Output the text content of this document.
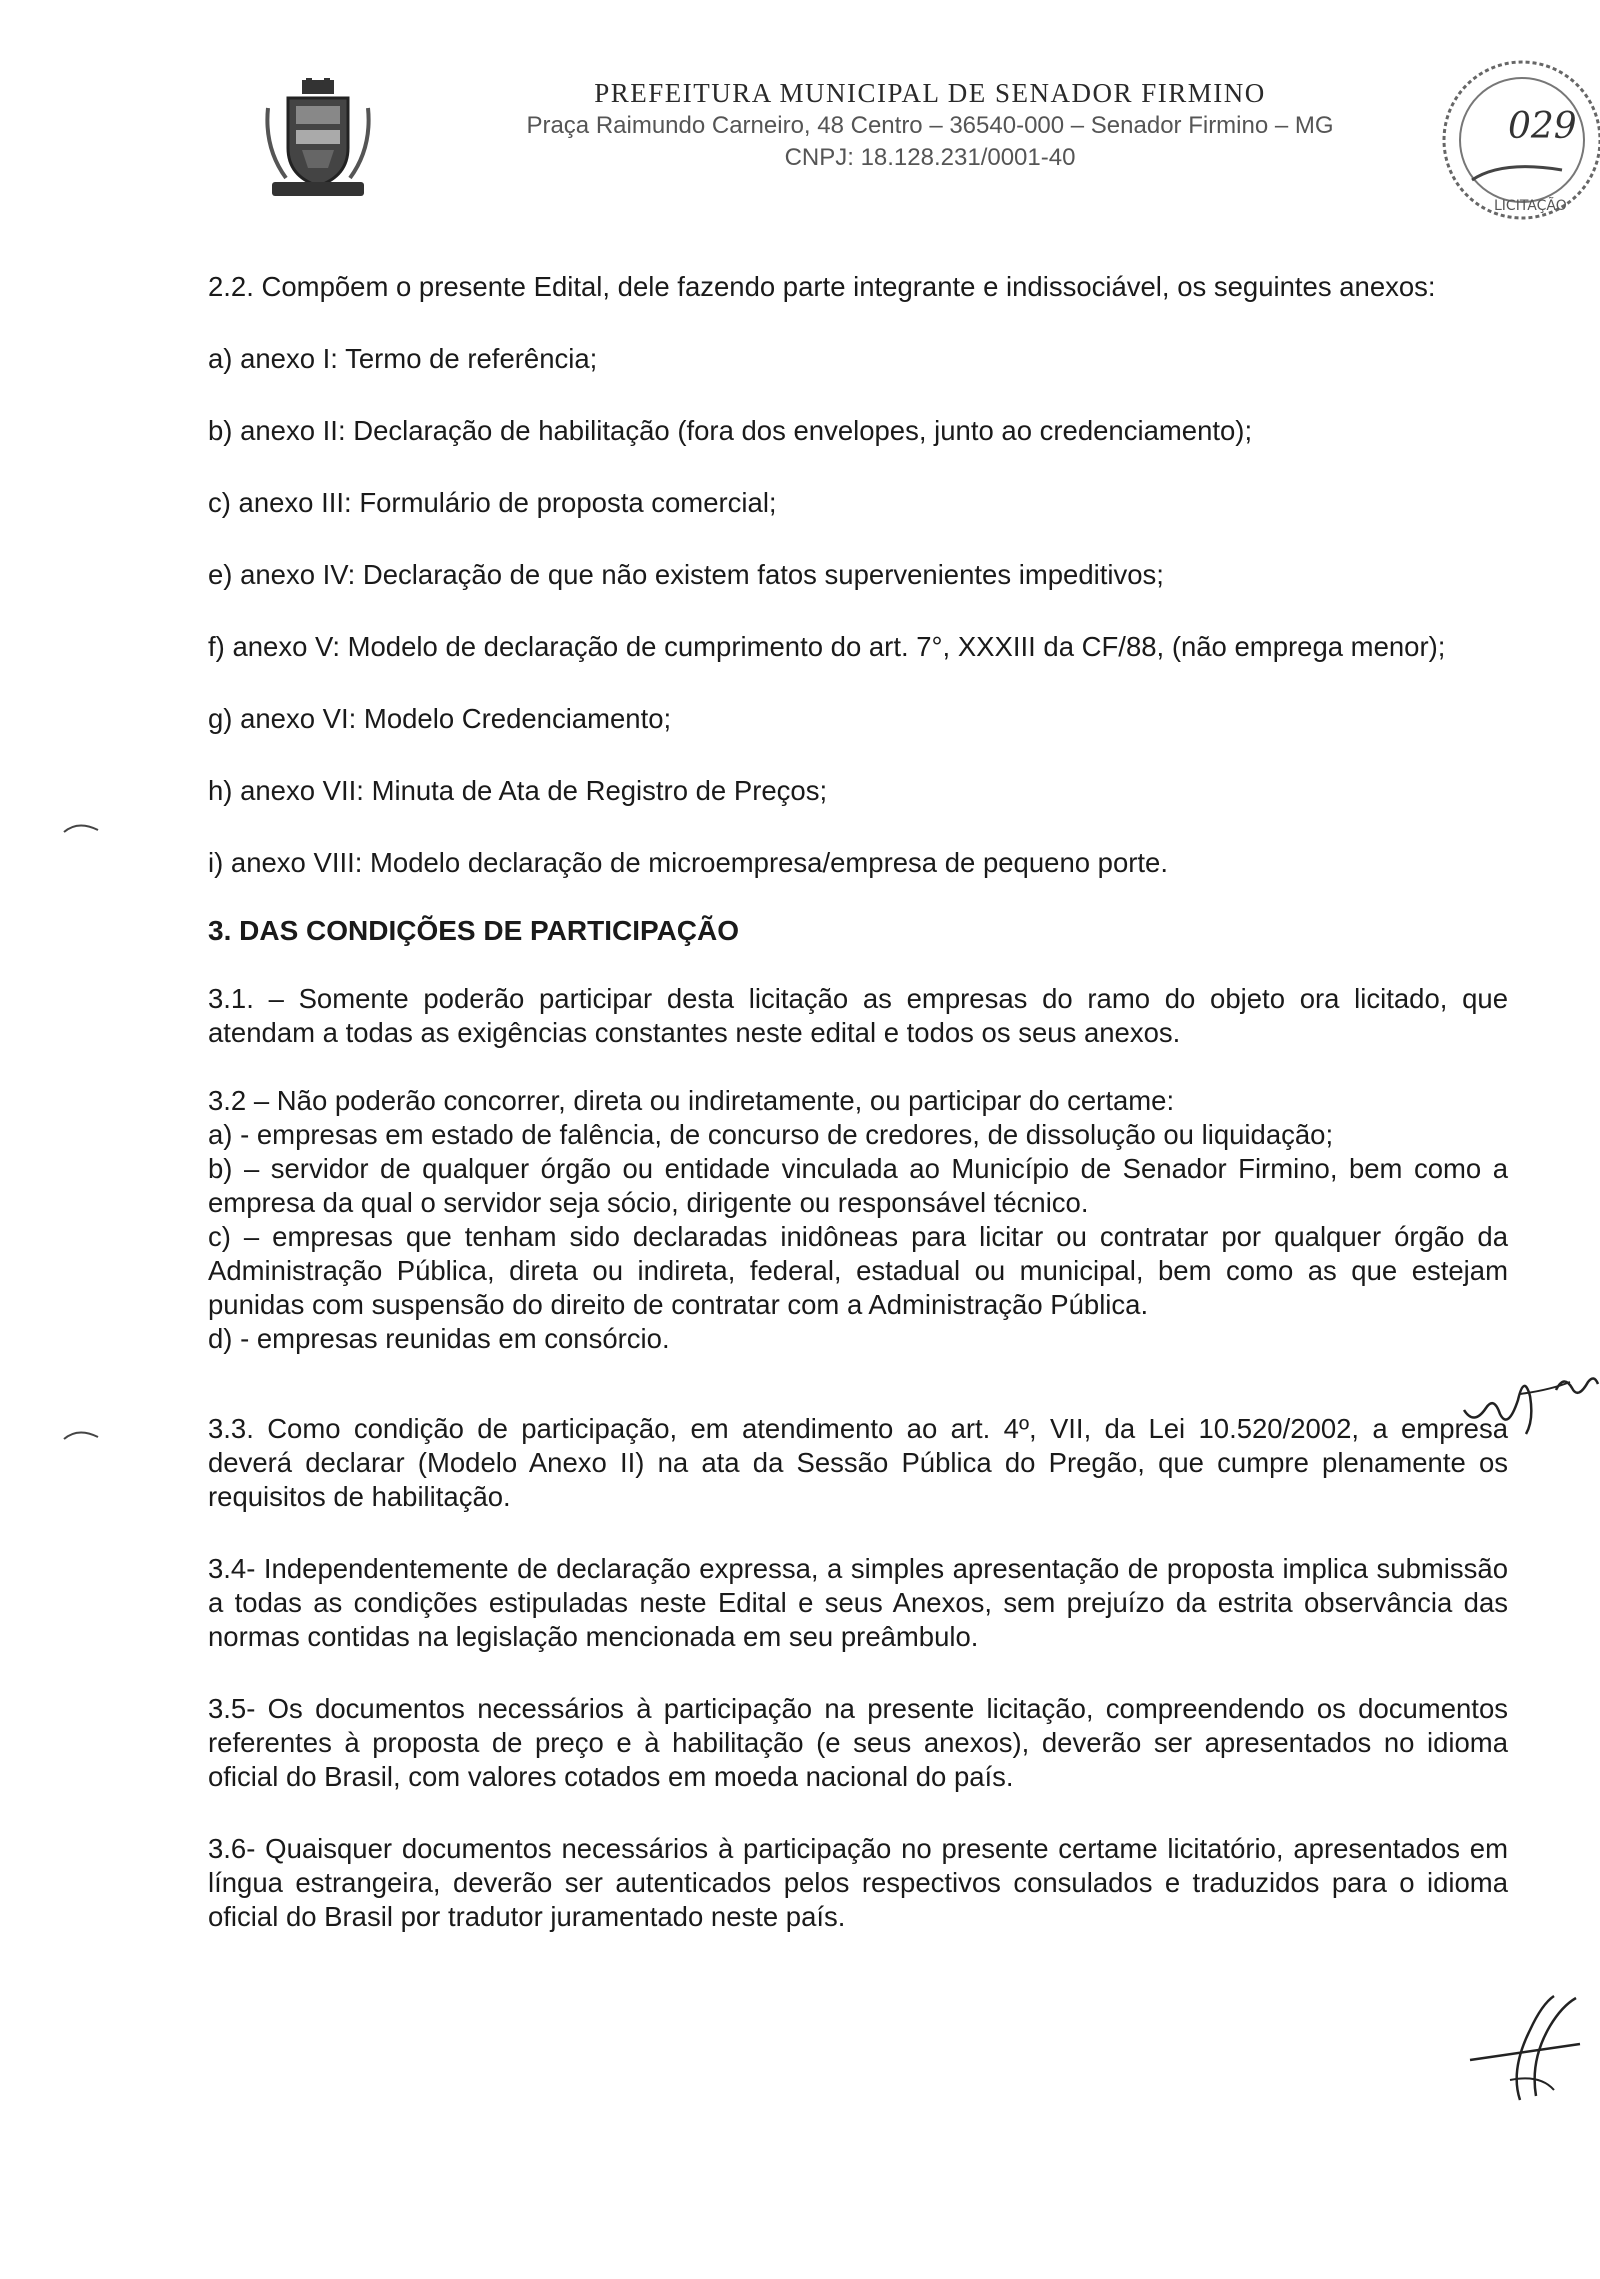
PREFEITURA MUNICIPAL DE SENADOR FIRMINO
Praça Raimundo Carneiro, 48 Centro – 36540-000 – Senador Firmino – MG
CNPJ: 18.128.231/0001-40
029
LICITAÇÃO

2.2. Compõem o presente Edital, dele fazendo parte integrante e indissociável, os seguintes anexos:

a) anexo I: Termo de referência;

b) anexo II: Declaração de habilitação (fora dos envelopes, junto ao credenciamento);

c) anexo III: Formulário de proposta comercial;

e) anexo IV: Declaração de que não existem fatos supervenientes impeditivos;

f) anexo V: Modelo de declaração de cumprimento do art. 7°, XXXIII da CF/88, (não emprega menor);

g) anexo VI: Modelo Credenciamento;

h) anexo VII: Minuta de Ata de Registro de Preços;

i) anexo VIII: Modelo declaração de microempresa/empresa de pequeno porte.

3. DAS CONDIÇÕES DE PARTICIPAÇÃO

3.1. – Somente poderão participar desta licitação as empresas do ramo do objeto ora licitado, que atendam a todas as exigências constantes neste edital e todos os seus anexos.

3.2 – Não poderão concorrer, direta ou indiretamente, ou participar do certame:

a) - empresas em estado de falência, de concurso de credores, de dissolução ou liquidação;

b) – servidor de qualquer órgão ou entidade vinculada ao Município de Senador Firmino, bem como a empresa da qual o servidor seja sócio, dirigente ou responsável técnico.

c) – empresas que tenham sido declaradas inidôneas para licitar ou contratar por qualquer órgão da Administração Pública, direta ou indireta, federal, estadual ou municipal, bem como as que estejam punidas com suspensão do direito de contratar com a Administração Pública.

d) - empresas reunidas em consórcio.

3.3. Como condição de participação, em atendimento ao art. 4º, VII, da Lei 10.520/2002, a empresa deverá declarar (Modelo Anexo II) na ata da Sessão Pública do Pregão, que cumpre plenamente os requisitos de habilitação.

3.4- Independentemente de declaração expressa, a simples apresentação de proposta implica submissão a todas as condições estipuladas neste Edital e seus Anexos, sem prejuízo da estrita observância das normas contidas na legislação mencionada em seu preâmbulo.

3.5- Os documentos necessários à participação na presente licitação, compreendendo os documentos referentes à proposta de preço e à habilitação (e seus anexos), deverão ser apresentados no idioma oficial do Brasil, com valores cotados em moeda nacional do país.

3.6- Quaisquer documentos necessários à participação no presente certame licitatório, apresentados em língua estrangeira, deverão ser autenticados pelos respectivos consulados e traduzidos para o idioma oficial do Brasil por tradutor juramentado neste país.
